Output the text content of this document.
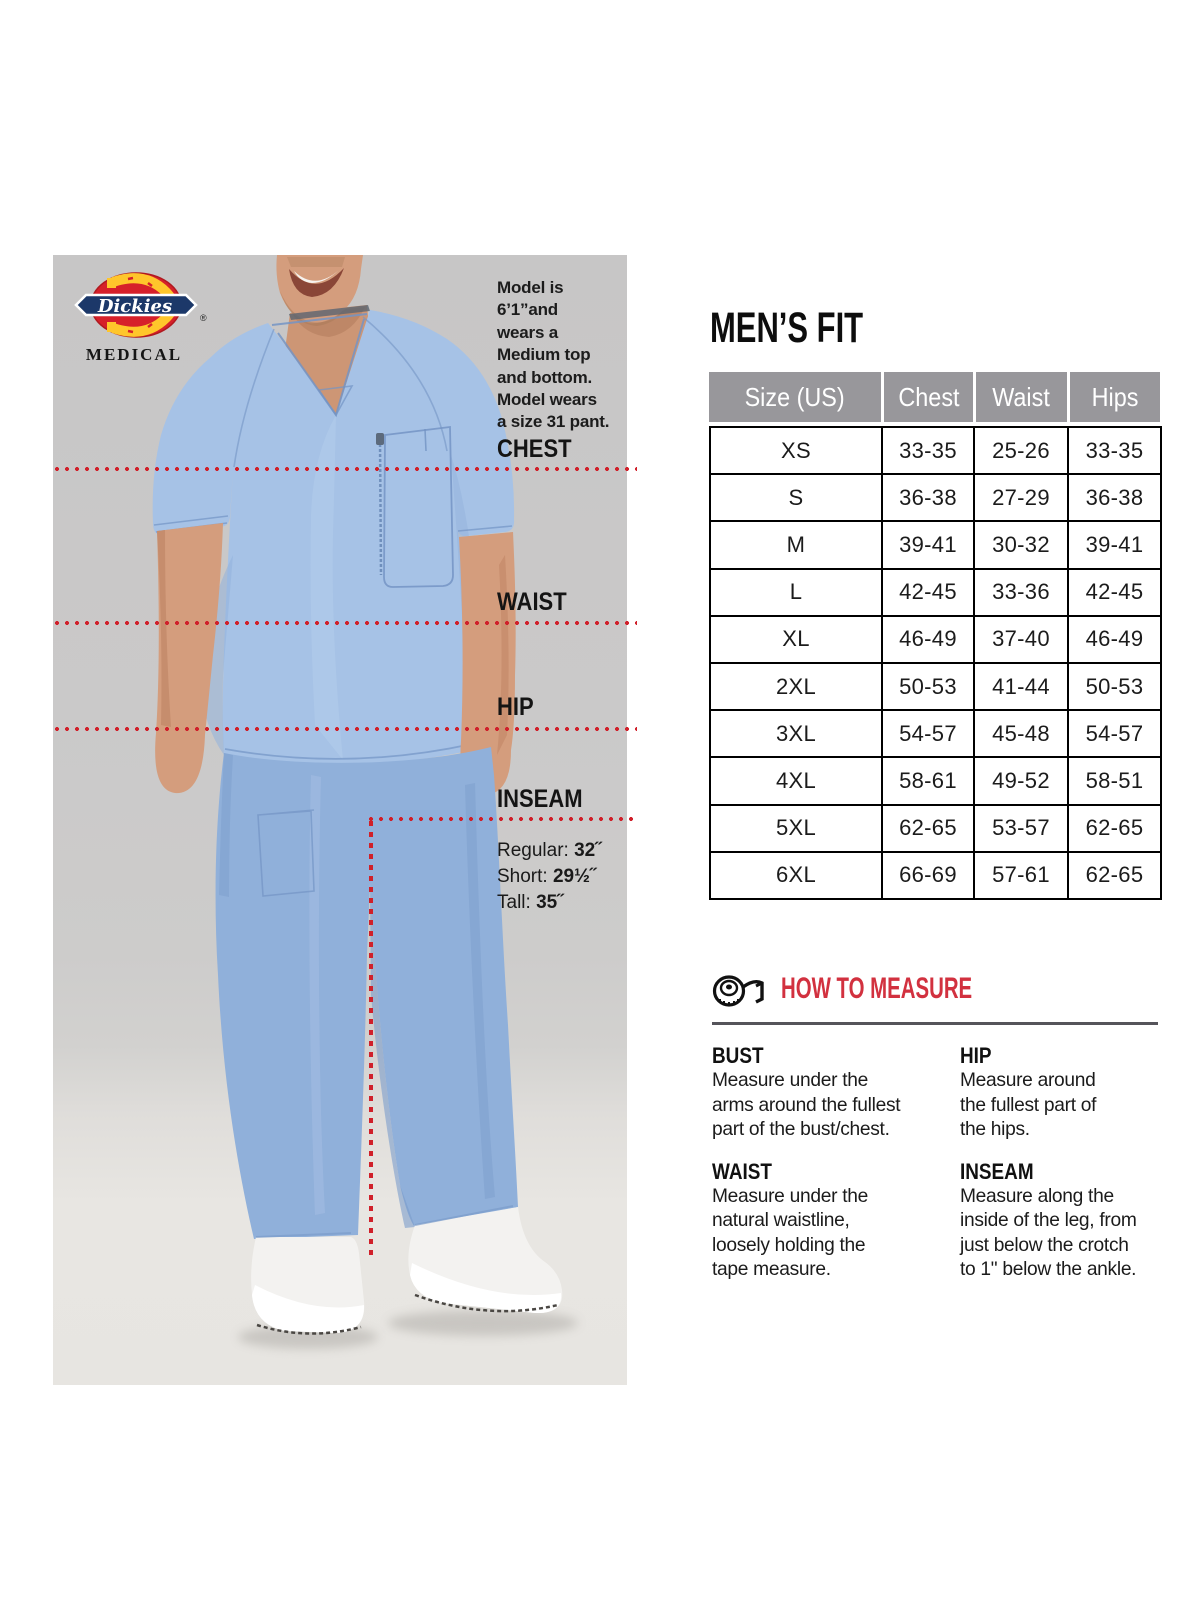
Dickies
®
MEDICAL
Model is
6’1”and
wears a
Medium top
and bottom.
Model wears
a size 31 pant.
CHEST
WAIST
HIP
INSEAM
Regular: 32˝
Short: 29½˝
Tall: 35˝
MEN’S FIT
Size (US) Chest Waist Hips
XS	33-35	25-26	33-35
S	36-38	27-29	36-38
M	39-41	30-32	39-41
L	42-45	33-36	42-45
XL	46-49	37-40	46-49
2XL	50-53	41-44	50-53
3XL	54-57	45-48	54-57
4XL	58-61	49-52	58-51
5XL	62-65	53-57	62-65
6XL	66-69	57-61	62-65
HOW TO MEASURE
BUST
Measure under the
arms around the fullest
part of the bust/chest.
WAIST
Measure under the
natural waistline,
loosely holding the
tape measure.
HIP
Measure around
the fullest part of
the hips.
INSEAM
Measure along the
inside of the leg, from
just below the crotch
to 1" below the ankle.
